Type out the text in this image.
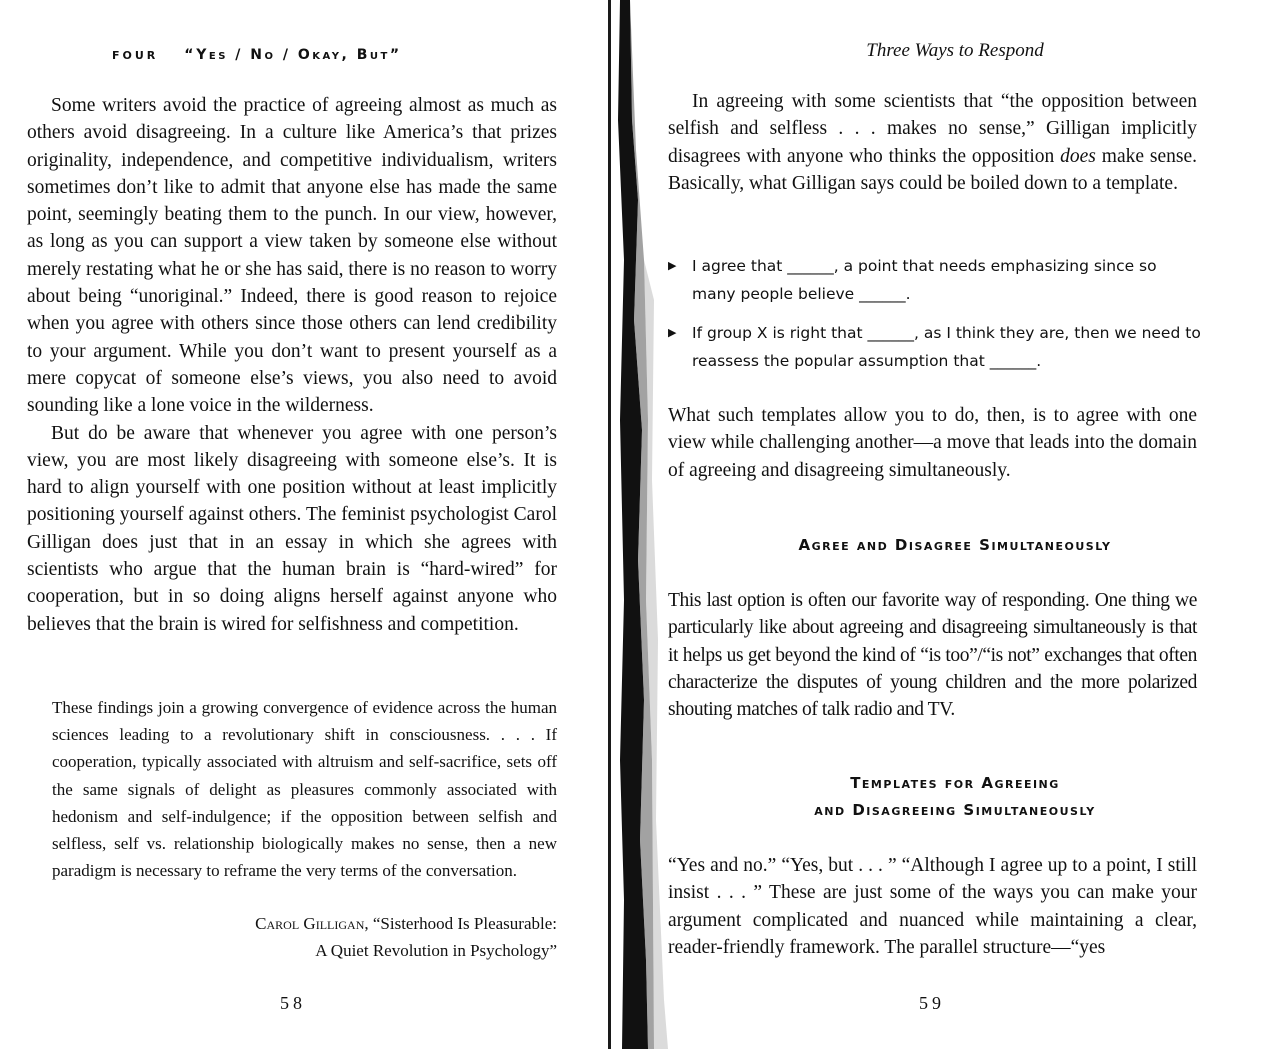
FOUR “Yes / No / Okay, But”

Some writers avoid the practice of agreeing almost as much as others avoid disagreeing. In a culture like America’s that prizes originality, independence, and competitive individualism, writers sometimes don’t like to admit that anyone else has made the same point, seemingly beating them to the punch. In our view, however, as long as you can support a view taken by someone else without merely restating what he or she has said, there is no reason to worry about being “unoriginal.” Indeed, there is good reason to rejoice when you agree with others since those others can lend credibility to your argument. While you don’t want to present yourself as a mere copycat of someone else’s views, you also need to avoid sounding like a lone voice in the wilderness.

But do be aware that whenever you agree with one person’s view, you are most likely disagreeing with someone else’s. It is hard to align yourself with one position without at least implicitly positioning yourself against others. The feminist psychologist Carol Gilligan does just that in an essay in which she agrees with scientists who argue that the human brain is “hard-wired” for cooperation, but in so doing aligns herself against anyone who believes that the brain is wired for selfishness and competition.

These findings join a growing convergence of evidence across the human sciences leading to a revolutionary shift in consciousness. . . . If cooperation, typically associated with altruism and self-sacrifice, sets off the same signals of delight as pleasures commonly associated with hedonism and self-indulgence; if the opposition between selfish and selfless, self vs. relationship biologically makes no sense, then a new paradigm is necessary to reframe the very terms of the conversation.

Carol Gilligan, “Sisterhood Is Pleasurable:
A Quiet Revolution in Psychology”
58
Three Ways to Respond

In agreeing with some scientists that “the opposition between selfish and selfless . . . makes no sense,” Gilligan implicitly disagrees with anyone who thinks the opposition does make sense. Basically, what Gilligan says could be boiled down to a template.

▶ I agree that ______, a point that needs emphasizing since so many people believe ______.
▶ If group X is right that ______, as I think they are, then we need to reassess the popular assumption that ______.

What such templates allow you to do, then, is to agree with one view while challenging another—a move that leads into the domain of agreeing and disagreeing simultaneously.

Agree and Disagree Simultaneously

This last option is often our favorite way of responding. One thing we particularly like about agreeing and disagreeing simultaneously is that it helps us get beyond the kind of “is too”/“is not” exchanges that often characterize the disputes of young children and the more polarized shouting matches of talk radio and TV.

Templates for Agreeing
and Disagreeing Simultaneously

“Yes and no.” “Yes, but . . . ” “Although I agree up to a point, I still insist . . . ” These are just some of the ways you can make your argument complicated and nuanced while maintaining a clear, reader-friendly framework. The parallel structure—“yes

59
